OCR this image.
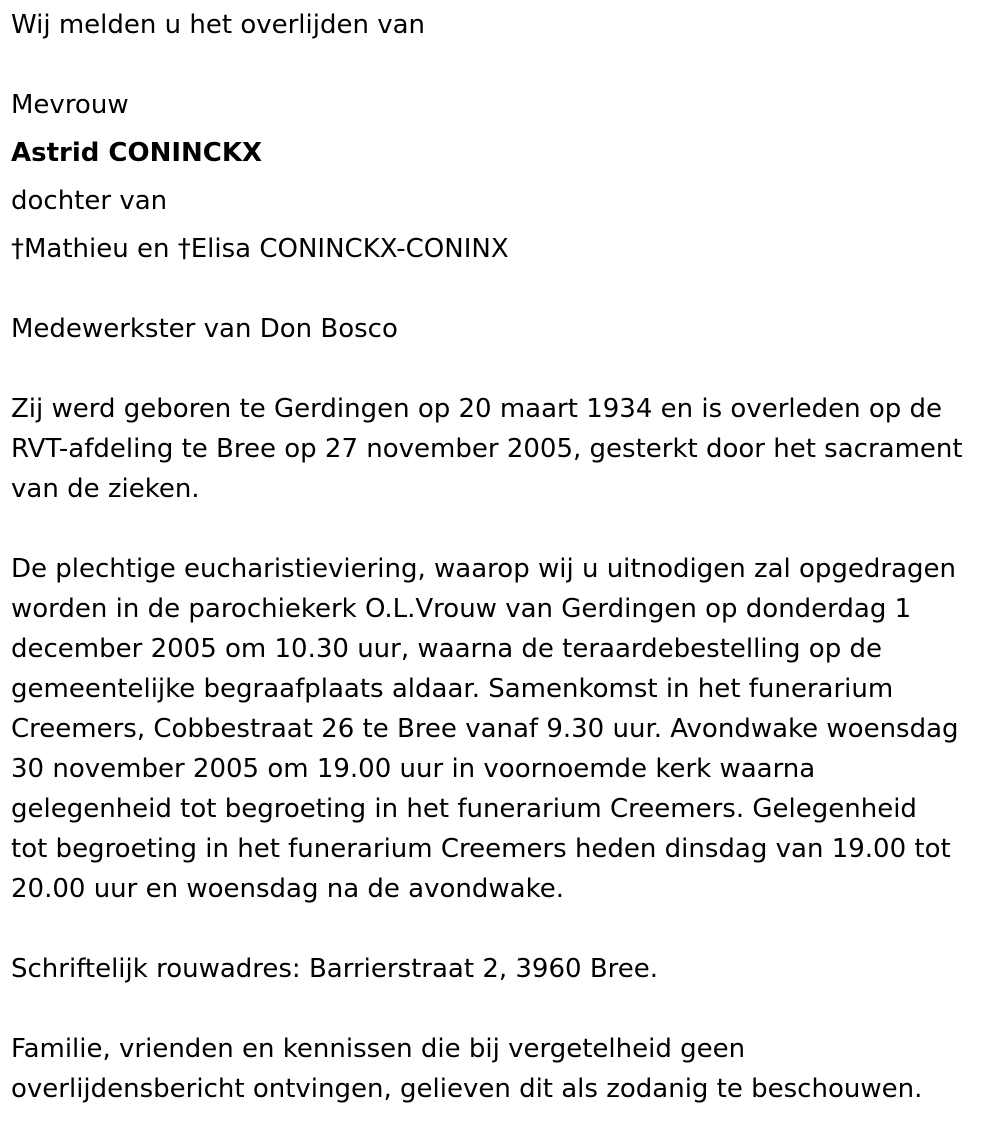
Wij melden u het overlijden van
Mevrouw
Astrid CONINCKX
dochter van
†Mathieu en †Elisa CONINCKX-CONINX
Medewerkster van Don Bosco
Zij werd geboren te Gerdingen op 20 maart 1934 en is overleden op de
RVT-afdeling te Bree op 27 november 2005, gesterkt door het sacrament
van de zieken.
De plechtige eucharistieviering, waarop wij u uitnodigen zal opgedragen
worden in de parochiekerk O.L.Vrouw van Gerdingen op donderdag 1
december 2005 om 10.30 uur, waarna de teraardebestelling op de
gemeentelijke begraafplaats aldaar. Samenkomst in het funerarium
Creemers, Cobbestraat 26 te Bree vanaf 9.30 uur. Avondwake woensdag
30 november 2005 om 19.00 uur in voornoemde kerk waarna
gelegenheid tot begroeting in het funerarium Creemers. Gelegenheid
tot begroeting in het funerarium Creemers heden dinsdag van 19.00 tot
20.00 uur en woensdag na de avondwake.
Schriftelijk rouwadres: Barrierstraat 2, 3960 Bree.
Familie, vrienden en kennissen die bij vergetelheid geen
overlijdensbericht ontvingen, gelieven dit als zodanig te beschouwen.
